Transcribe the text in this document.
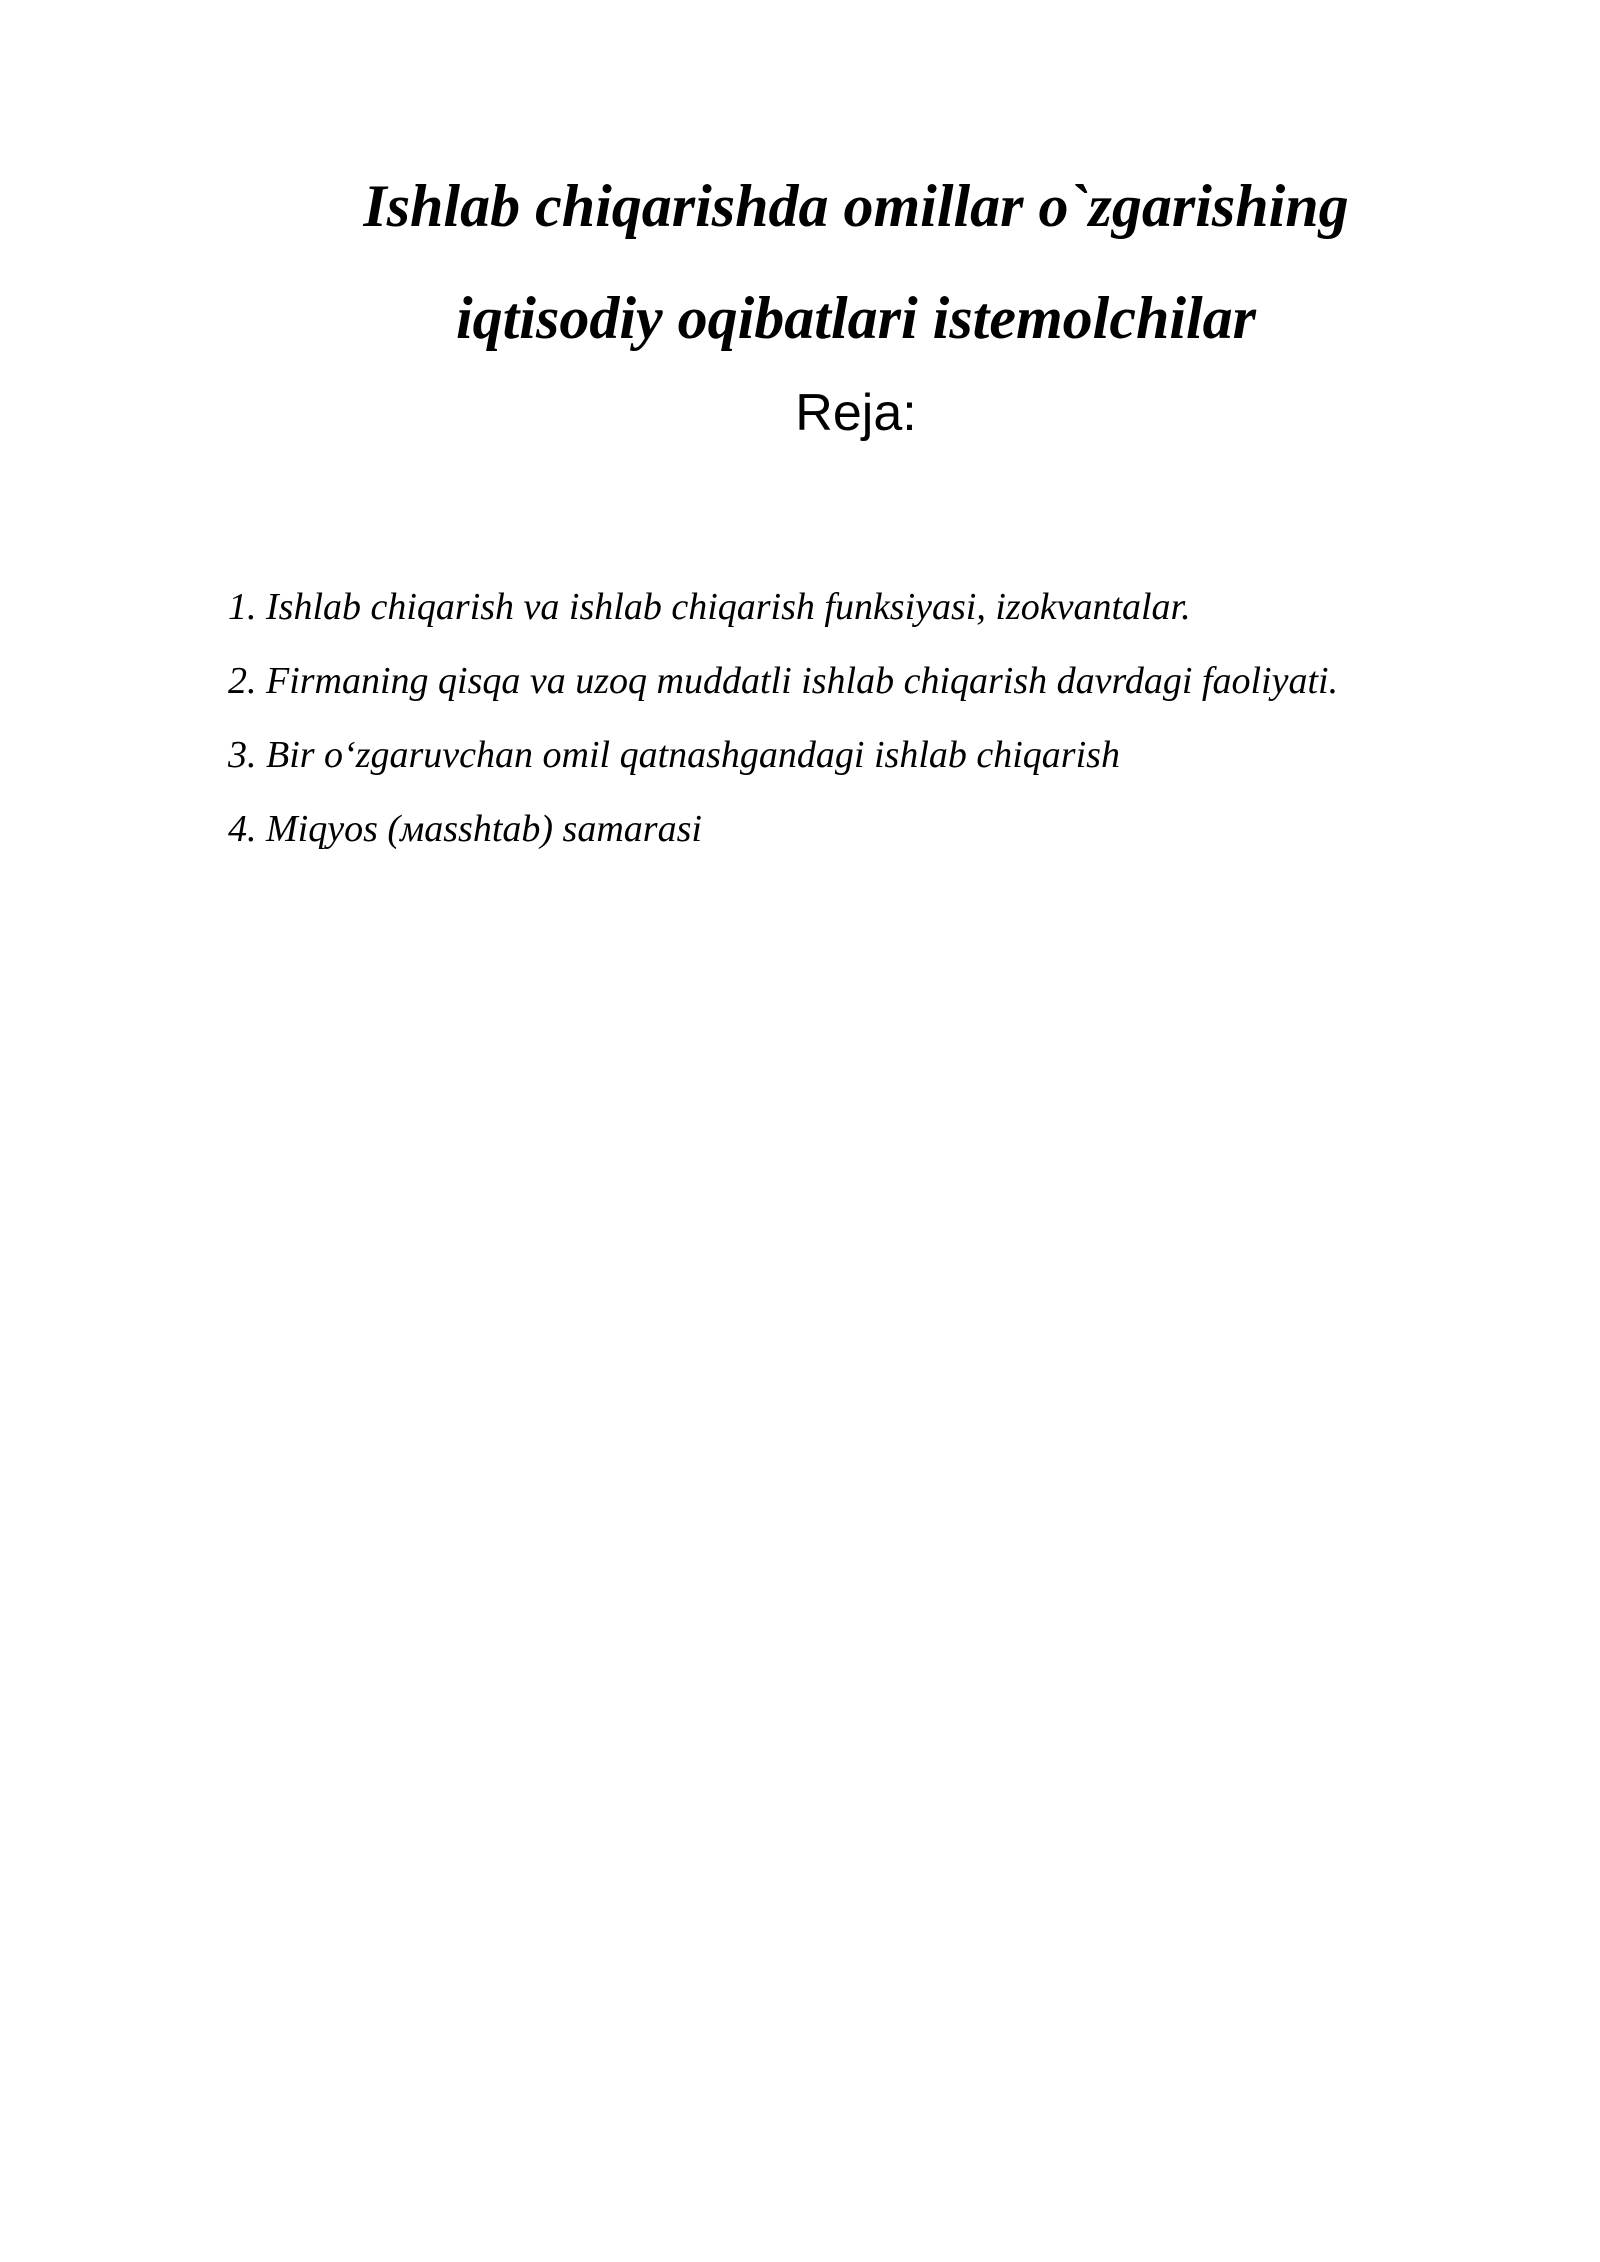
Ishlab chiqarishda omillar o`zgarishing
iqtisodiy oqibatlari istemolchilar
Reja:
1. Ishlab chiqarish va ishlab chiqarish funksiyasi, izokvantalar.
2. Firmaning qisqa va uzoq muddatli ishlab chiqarish davrdagi faoliyati.
3. Bir o‘zgaruvchan omil qatnashgandagi ishlab chiqarish
4. Miqyos (мasshtab) samarasi
